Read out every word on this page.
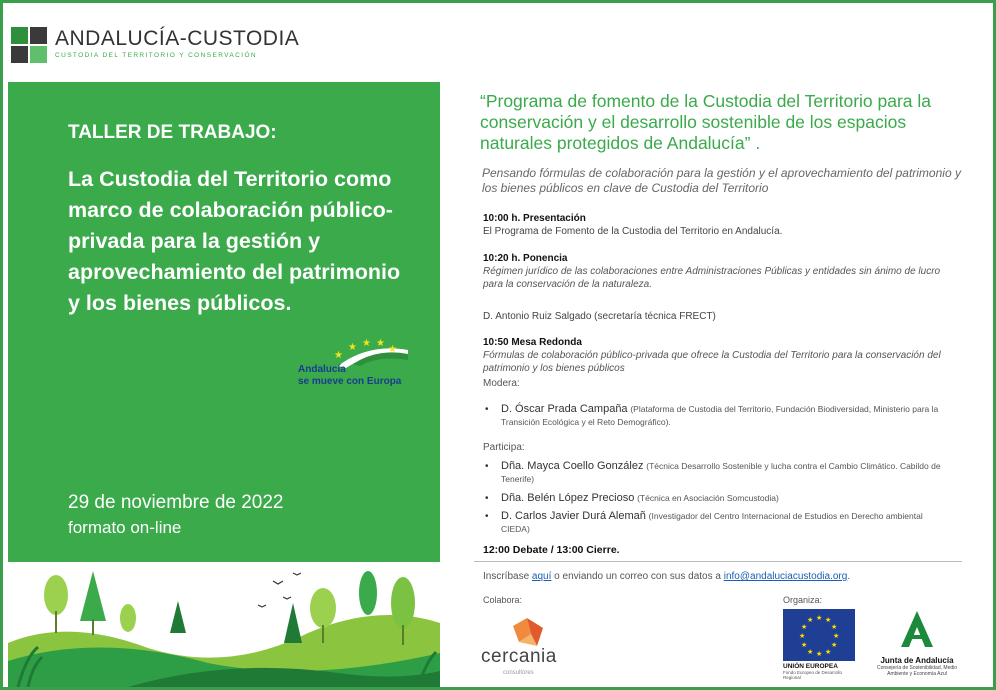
ANDALUCÍA-CUSTODIA
CUSTODIA DEL TERRITORIO Y CONSERVACIÓN
TALLER DE TRABAJO:
La Custodia del Territorio como marco de colaboración público-privada para la gestión y aprovechamiento del patrimonio y los bienes públicos.
★
★ ★ ★
★
Andalucía
se mueve con Europa
29 de noviembre de 2022
formato on-line
“Programa de fomento de la Custodia del Territorio para la conservación y el desarrollo sostenible de los espacios naturales protegidos de Andalucía” .
Pensando fórmulas de colaboración para la gestión y el aprovechamiento del patrimonio y los bienes públicos en clave de Custodia del Territorio
10:00 h. Presentación
El Programa de Fomento de la Custodia del Territorio en Andalucía.
10:20 h. Ponencia
Régimen jurídico de las colaboraciones entre Administraciones Públicas y entidades sin ánimo de lucro para la conservación de la naturaleza.
D. Antonio Ruiz Salgado (secretaría técnica FRECT)
10:50 Mesa Redonda
Fórmulas de colaboración público-privada que ofrece la Custodia del Territorio para la conservación del patrimonio y los bienes públicos
Modera:
•	D. Óscar Prada Campaña (Plataforma de Custodia del Territorio, Fundación Biodiversidad, Ministerio para la Transición Ecológica y el Reto Demográfico).
Participa:
•	Dña. Mayca Coello González (Técnica Desarrollo Sostenible y lucha contra el Cambio Climático. Cabildo de Tenerife)
•	Dña. Belén López Precioso (Técnica en Asociación Somcustodia)
•	D. Carlos Javier Durá Alemañ (Investigador del Centro Internacional de Estudios en Derecho ambiental CIEDA)
12:00 Debate / 13:00 Cierre.
Inscríbase aquí o enviando un correo con sus datos a info@andaluciacustodia.org.
Colabora:	Organiza:
cercania
consultores
★ ★
★
★
★
★
★
★
★
★
★
★
UNIÓN EUROPEA
Fondo Europeo de Desarrollo Regional
Junta de Andalucía
Consejería de Sostenibilidad, Medio Ambiente y Economía Azul
